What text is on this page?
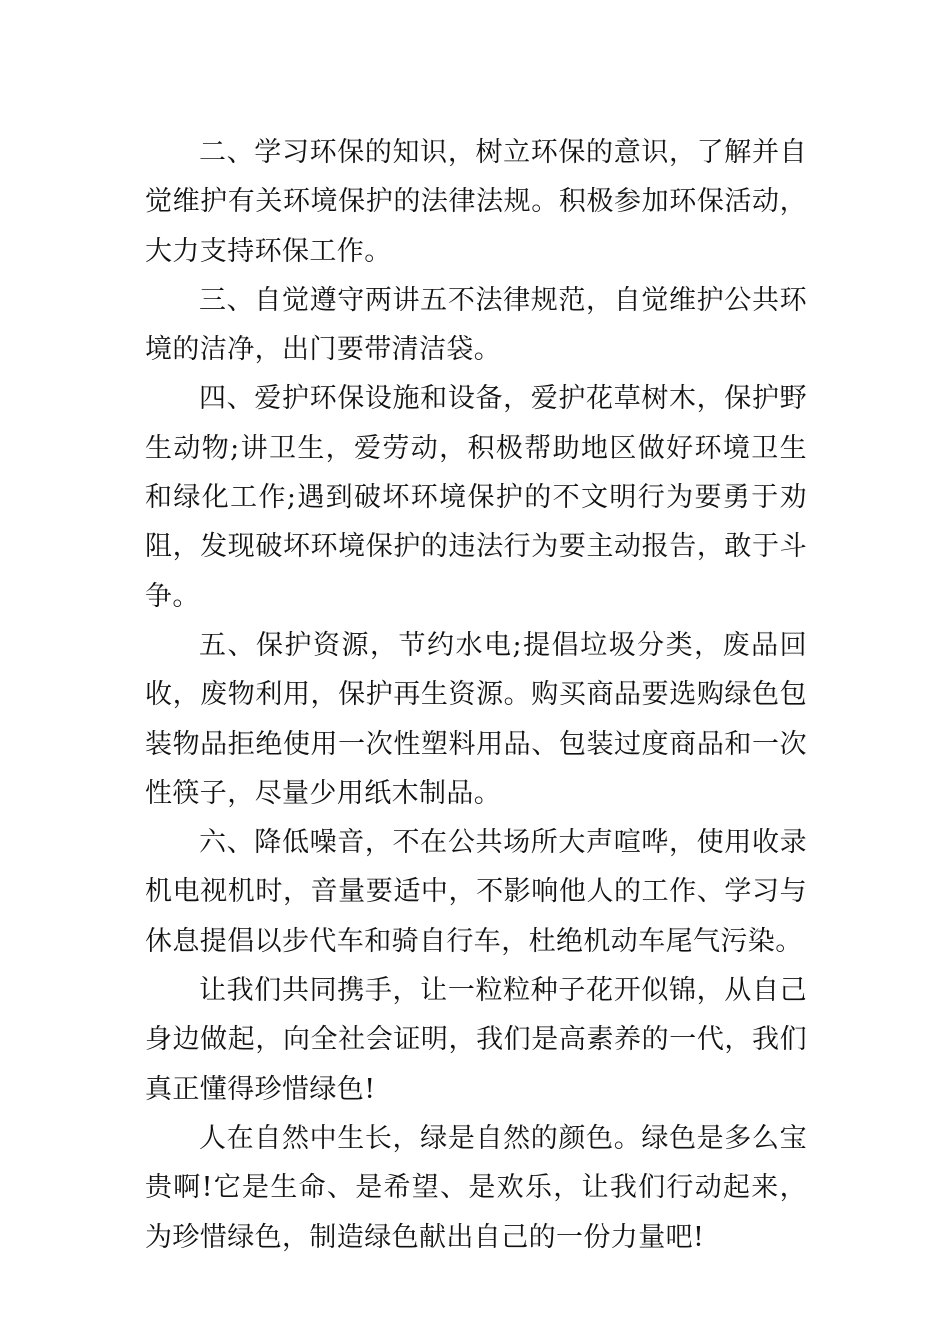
二、学习环保的知识，树立环保的意识，了解并自觉维护有关环境保护的法律法规。积极参加环保活动，大力支持环保工作。

三、自觉遵守两讲五不法律规范，自觉维护公共环境的洁净，出门要带清洁袋。

四、爱护环保设施和设备，爱护花草树木，保护野生动物;讲卫生，爱劳动，积极帮助地区做好环境卫生和绿化工作;遇到破坏环境保护的不文明行为要勇于劝阻，发现破坏环境保护的违法行为要主动报告，敢于斗争。

五、保护资源，节约水电;提倡垃圾分类，废品回收，废物利用，保护再生资源。购买商品要选购绿色包装物品拒绝使用一次性塑料用品、包装过度商品和一次性筷子，尽量少用纸木制品。

六、降低噪音，不在公共场所大声喧哗，使用收录机电视机时，音量要适中，不影响他人的工作、学习与休息提倡以步代车和骑自行车，杜绝机动车尾气污染。

让我们共同携手，让一粒粒种子花开似锦，从自己身边做起，向全社会证明，我们是高素养的一代，我们真正懂得珍惜绿色!

人在自然中生长，绿是自然的颜色。绿色是多么宝贵啊!它是生命、是希望、是欢乐，让我们行动起来，为珍惜绿色，制造绿色献出自己的一份力量吧!
